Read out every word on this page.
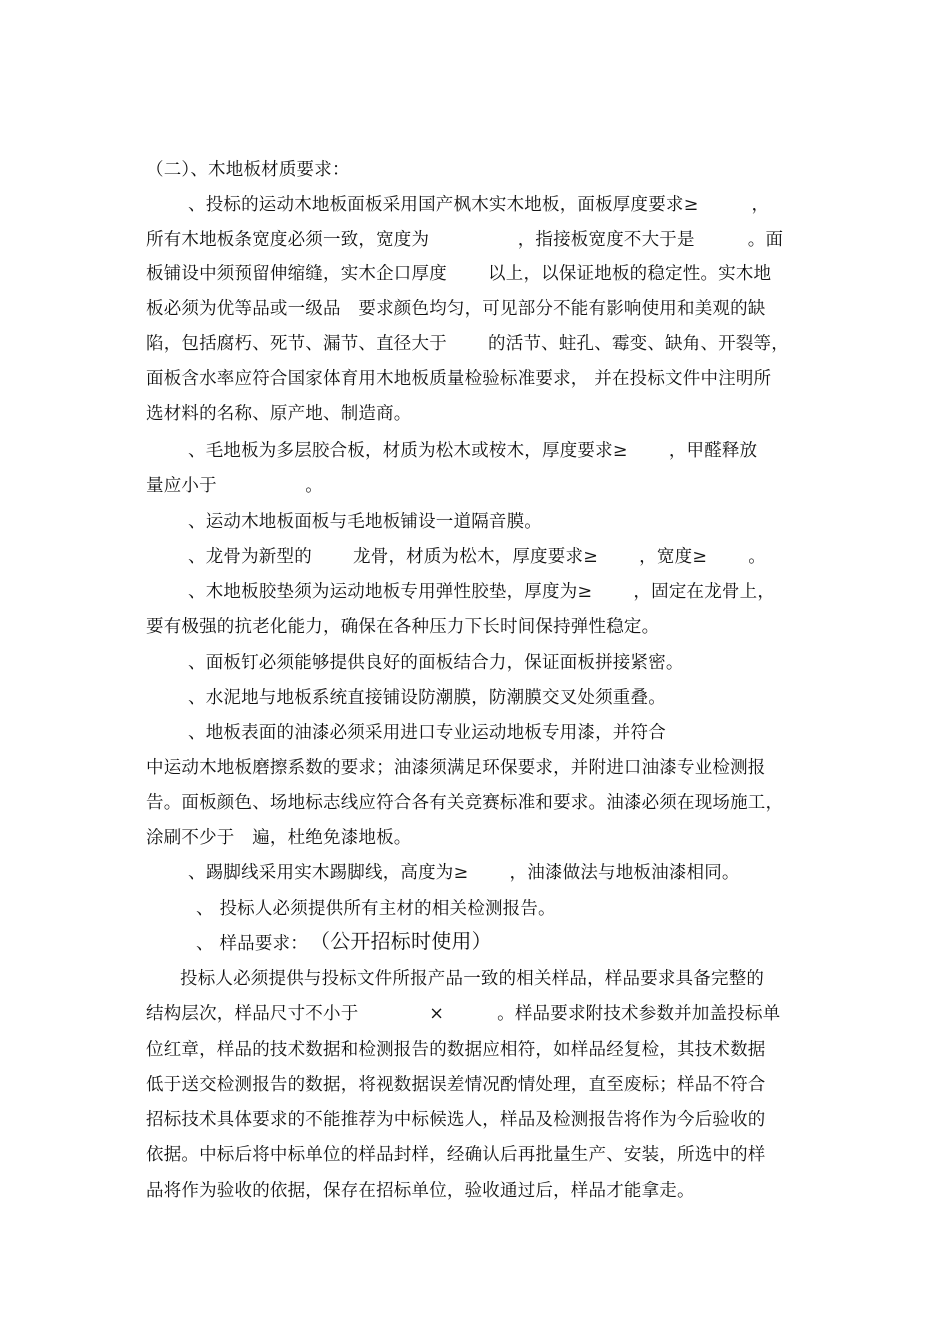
（二）、木地板材质要求：
、投标的运动木地板面板采用国产枫木实木地板，面板厚度要求≥　　　，
所有木地板条宽度必须一致，宽度为　　　　　，指接板宽度不大于是　　　。面
板铺设中须预留伸缩缝，实木企口厚度　　 以上，以保证地板的稳定性。实木地
板必须为优等品或一级品　要求颜色均匀，可见部分不能有影响使用和美观的缺
陷，包括腐朽、死节、漏节、直径大于　　 的活节、蛀孔、霉变、缺角、开裂等，
面板含水率应符合国家体育用木地板质量检验标准要求， 并在投标文件中注明所
选材料的名称、原产地、制造商。
、毛地板为多层胶合板，材质为松木或桉木，厚度要求≥　　 ，甲醛释放
量应小于　　　　　。
、运动木地板面板与毛地板铺设一道隔音膜。
、龙骨为新型的　　 龙骨，材质为松木，厚度要求≥　　 ，宽度≥　　 。
、木地板胶垫须为运动地板专用弹性胶垫，厚度为≥　　 ，固定在龙骨上，
要有极强的抗老化能力，确保在各种压力下长时间保持弹性稳定。
、面板钉必须能够提供良好的面板结合力，保证面板拼接紧密。
、水泥地与地板系统直接铺设防潮膜，防潮膜交叉处须重叠。
、地板表面的油漆必须采用进口专业运动地板专用漆，并符合
中运动木地板磨擦系数的要求；油漆须满足环保要求，并附进口油漆专业检测报
告。面板颜色、场地标志线应符合各有关竞赛标准和要求。油漆必须在现场施工，
涂刷不少于　遍，杜绝免漆地板。
、踢脚线采用实木踢脚线，高度为≥　　 ，油漆做法与地板油漆相同。
、 投标人必须提供所有主材的相关检测报告。
、 样品要求： （公开招标时使用）
投标人必须提供与投标文件所报产品一致的相关样品，样品要求具备完整的
结构层次，样品尺寸不小于　　　　×　　　。样品要求附技术参数并加盖投标单
位红章，样品的技术数据和检测报告的数据应相符，如样品经复检，其技术数据
低于送交检测报告的数据，将视数据误差情况酌情处理，直至废标；样品不符合
招标技术具体要求的不能推荐为中标候选人，样品及检测报告将作为今后验收的
依据。中标后将中标单位的样品封样，经确认后再批量生产、安装，所选中的样
品将作为验收的依据，保存在招标单位，验收通过后，样品才能拿走。
